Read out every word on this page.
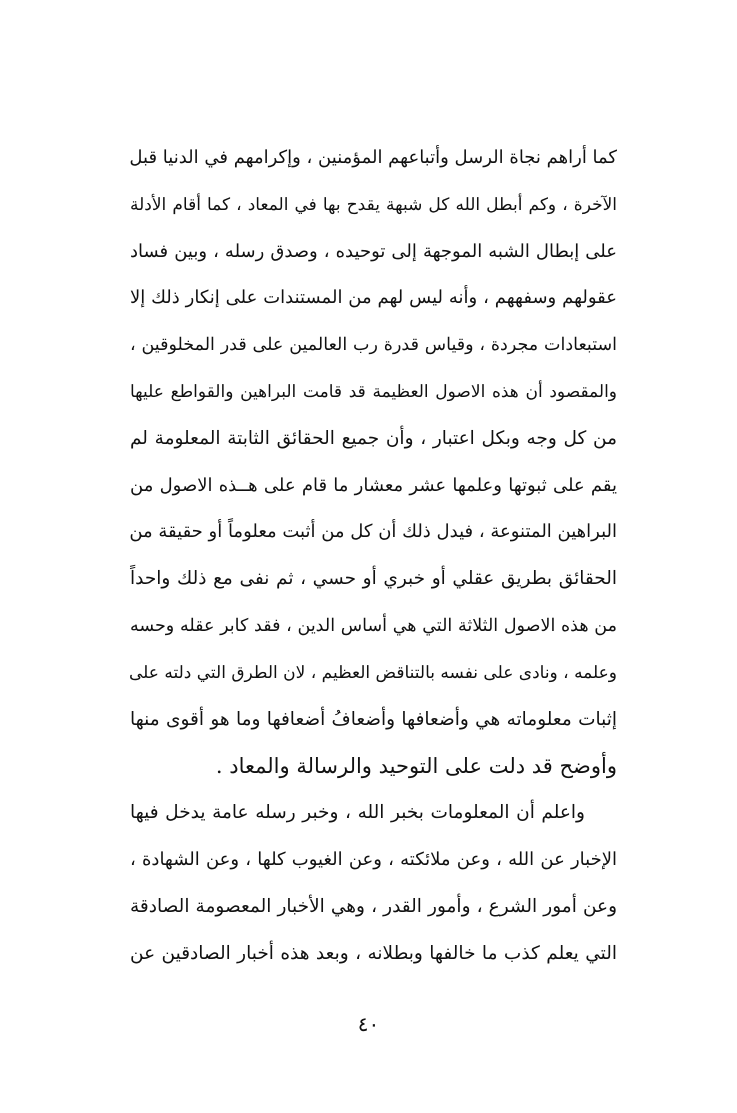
كما أراهم نجاة الرسل وأتباعهم المؤمنين ، وإكرامهم في الدنيا قبل
الآخرة ، وكم أبطل الله كل شبهة يقدح بها في المعاد ، كما أقام الأدلة
على إبطال الشبه الموجهة إلى توحيده ، وصدق رسله ، وبين فساد
عقولهم وسفههم ، وأنه ليس لهم من المستندات على إنكار ذلك إلا
استبعادات مجردة ، وقياس قدرة رب العالمين على قدر المخلوقين ،
والمقصود أن هذه الاصول العظيمة قد قامت البراهين والقواطع عليها
من كل وجه وبكل اعتبار ، وأن جميع الحقائق الثابتة المعلومة لم
يقم على ثبوتها وعلمها عشر معشار ما قام على هــذه الاصول من
البراهين المتنوعة ، فيدل ذلك أن كل من أثبت معلوماً أو حقيقة من
الحقائق بطريق عقلي أو خبري أو حسي ، ثم نفى مع ذلك واحداً
من هذه الاصول الثلاثة التي هي أساس الدين ، فقد كابر عقله وحسه
وعلمه ، ونادى على نفسه بالتناقض العظيم ، لان الطرق التي دلته على
إثبات معلوماته هي وأضعافها وأضعافُ أضعافها وما هو أقوى منها
وأوضح قد دلت على التوحيد والرسالة والمعاد .
واعلم أن المعلومات بخبر الله ، وخبر رسله عامة يدخل فيها
الإخبار عن الله ، وعن ملائكته ، وعن الغيوب كلها ، وعن الشهادة ،
وعن أمور الشرع ، وأمور القدر ، وهي الأخبار المعصومة الصادقة
التي يعلم كذب ما خالفها وبطلانه ، وبعد هذه أخبار الصادقين عن
٤٠
